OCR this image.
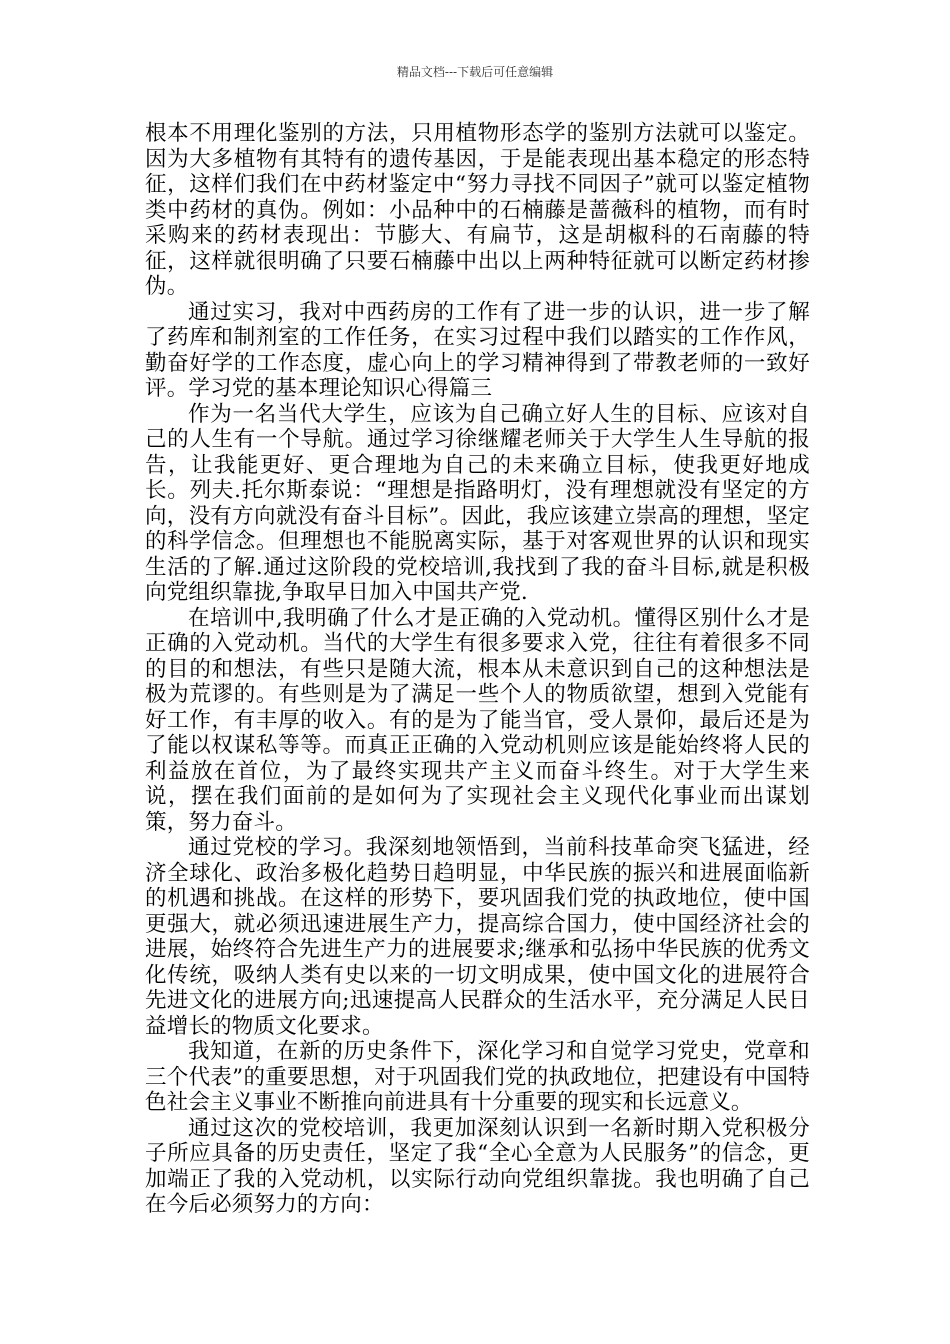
精品文档---下载后可任意编辑

根本不用理化鉴别的方法，只用植物形态学的鉴别方法就可以鉴定。因为大多植物有其特有的遗传基因，于是能表现出基本稳定的形态特征，这样们我们在中药材鉴定中“努力寻找不同因子”就可以鉴定植物类中药材的真伪。例如：小品种中的石楠藤是蔷薇科的植物，而有时采购来的药材表现出：节膨大、有扁节，这是胡椒科的石南藤的特征，这样就很明确了只要石楠藤中出以上两种特征就可以断定药材掺伪。

通过实习，我对中西药房的工作有了进一步的认识，进一步了解了药库和制剂室的工作任务，在实习过程中我们以踏实的工作作风，勤奋好学的工作态度，虚心向上的学习精神得到了带教老师的一致好评。学习党的基本理论知识心得篇三

作为一名当代大学生，应该为自己确立好人生的目标、应该对自己的人生有一个导航。通过学习徐继耀老师关于大学生人生导航的报告，让我能更好、更合理地为自己的未来确立目标，使我更好地成长。列夫.托尔斯泰说：“理想是指路明灯，没有理想就没有坚定的方向，没有方向就没有奋斗目标”。因此，我应该建立崇高的理想，坚定的科学信念。但理想也不能脱离实际，基于对客观世界的认识和现实生活的了解.通过这阶段的党校培训,我找到了我的奋斗目标,就是积极向党组织靠拢,争取早日加入中国共产党.

在培训中,我明确了什么才是正确的入党动机。懂得区别什么才是正确的入党动机。当代的大学生有很多要求入党，往往有着很多不同的目的和想法，有些只是随大流，根本从未意识到自己的这种想法是极为荒谬的。有些则是为了满足一些个人的物质欲望，想到入党能有好工作，有丰厚的收入。有的是为了能当官，受人景仰，最后还是为了能以权谋私等等。而真正正确的入党动机则应该是能始终将人民的利益放在首位，为了最终实现共产主义而奋斗终生。对于大学生来说，摆在我们面前的是如何为了实现社会主义现代化事业而出谋划策，努力奋斗。

通过党校的学习。我深刻地领悟到，当前科技革命突飞猛进，经济全球化、政治多极化趋势日趋明显，中华民族的振兴和进展面临新的机遇和挑战。在这样的形势下，要巩固我们党的执政地位，使中国更强大，就必须迅速进展生产力，提高综合国力，使中国经济社会的进展，始终符合先进生产力的进展要求;继承和弘扬中华民族的优秀文化传统，吸纳人类有史以来的一切文明成果，使中国文化的进展符合先进文化的进展方向;迅速提高人民群众的生活水平，充分满足人民日益增长的物质文化要求。

我知道，在新的历史条件下，深化学习和自觉学习党史，党章和三个代表”的重要思想，对于巩固我们党的执政地位，把建设有中国特色社会主义事业不断推向前进具有十分重要的现实和长远意义。

通过这次的党校培训，我更加深刻认识到一名新时期入党积极分子所应具备的历史责任，坚定了我“全心全意为人民服务”的信念，更加端正了我的入党动机，以实际行动向党组织靠拢。我也明确了自己在今后必须努力的方向：
